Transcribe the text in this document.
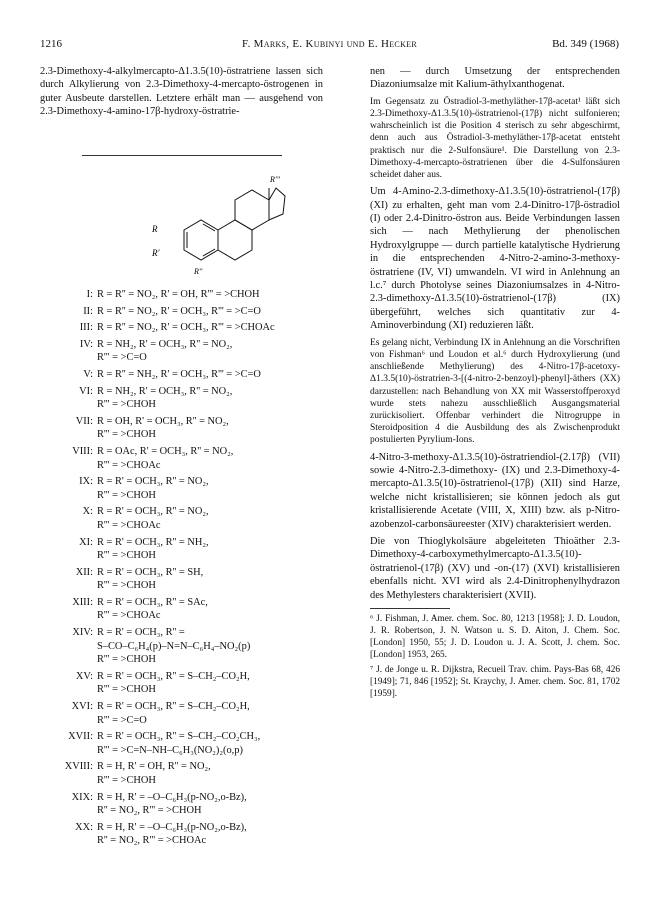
1216	F. Marks, E. Kubinyi und E. Hecker	Bd. 349 (1968)

2.3-Dimethoxy-4-alkylmercapto-Δ1.3.5(10)-östratriene lassen sich durch Alkylierung von 2.3-Dimethoxy-4-mercapto-östrogenen in guter Ausbeute darstellen. Letztere erhält man — ausgehend von 2.3-Dimethoxy-4-amino-17β-hydroxy-östratrie-

R
R'
R''
R'''
I: R = R'' = NO₂, R' = OH, R''' = >CHOH
II: R = R'' = NO₂, R' = OCH₃, R''' = >C=O
III: R = R'' = NO₂, R' = OCH₃, R''' = >CHOAc
IV: R = NH₂, R' = OCH₃, R'' = NO₂,
R''' = >C=O
V: R = R'' = NH₂, R' = OCH₃, R''' = >C=O
VI: R = NH₂, R' = OCH₃, R'' = NO₂,
R''' = >CHOH
VII: R = OH, R' = OCH₃, R'' = NO₂,
R''' = >CHOH
VIII: R = OAc, R' = OCH₃, R'' = NO₂,
R''' = >CHOAc
IX: R = R' = OCH₃, R'' = NO₂,
R''' = >CHOH
X: R = R' = OCH₃, R'' = NO₂,
R''' = >CHOAc
XI: R = R' = OCH₃, R'' = NH₂,
R''' = >CHOH
XII: R = R' = OCH₃, R'' = SH,
R''' = >CHOH
XIII: R = R' = OCH₃, R'' = SAc,
R''' = >CHOAc
XIV: R = R' = OCH₃, R'' =
S–CO–C₆H₄(p)–N=N–C₆H₄–NO₂(p)
R''' = >CHOH
XV: R = R' = OCH₃, R'' = S–CH₂–CO₂H,
R''' = >CHOH
XVI: R = R' = OCH₃, R'' = S–CH₂–CO₂H,
R''' = >C=O
XVII: R = R' = OCH₃, R'' = S–CH₂–CO₂CH₃,
R''' = >C=N–NH–C₆H₃(NO₂)₂(o,p)
XVIII: R = H, R' = OH, R'' = NO₂,
R''' = >CHOH
XIX: R = H, R' = –O–C₆H₃(p-NO₂,o-Bz),
R'' = NO₂, R''' = >CHOH
XX: R = H, R' = –O–C₆H₃(p-NO₂,o-Bz),
R'' = NO₂, R''' = >CHOAc

nen — durch Umsetzung der entsprechenden Diazoniumsalze mit Kalium-äthylxanthogenat.

Im Gegensatz zu Östradiol-3-methyläther-17β-acetat¹ läßt sich 2.3-Dimethoxy-Δ1.3.5(10)-östratrienol-(17β) nicht sulfonieren; wahrscheinlich ist die Position 4 sterisch zu sehr abgeschirmt, denn auch aus Östradiol-3-methyläther-17β-acetat entsteht praktisch nur die 2-Sulfonsäure¹. Die Darstellung von 2.3-Dimethoxy-4-mercapto-östratrienen über die 4-Sulfonsäuren scheidet daher aus.

Um 4-Amino-2.3-dimethoxy-Δ1.3.5(10)-östratrienol-(17β) (XI) zu erhalten, geht man vom 2.4-Dinitro-17β-östradiol (I) oder 2.4-Dinitro-östron aus. Beide Verbindungen lassen sich — nach Methylierung der phenolischen Hydroxylgruppe — durch partielle katalytische Hydrierung in die entsprechenden 4-Nitro-2-amino-3-methoxy-östratriene (IV, VI) umwandeln. VI wird in Anlehnung an l.c.⁷ durch Photolyse seines Diazoniumsalzes in 4-Nitro-2.3-dimethoxy-Δ1.3.5(10)-östratrienol-(17β) (IX) übergeführt, welches sich quantitativ zur 4-Aminoverbindung (XI) reduzieren läßt.

Es gelang nicht, Verbindung IX in Anlehnung an die Vorschriften von Fishman⁶ und Loudon et al.⁶ durch Hydroxylierung (und anschließende Methylierung) des 4-Nitro-17β-acetoxy-Δ1.3.5(10)-östratrien-3-[(4-nitro-2-benzoyl)-phenyl]-äthers (XX) darzustellen: nach Behandlung von XX mit Wasserstoffperoxyd wurde stets nahezu ausschließlich Ausgangsmaterial zurückisoliert. Offenbar verhindert die Nitrogruppe in Steroidposition 4 die Ausbildung des als Zwischenprodukt postulierten Pyrylium-Ions.

4-Nitro-3-methoxy-Δ1.3.5(10)-östratriendiol-(2.17β) (VII) sowie 4-Nitro-2.3-dimethoxy- (IX) und 2.3-Dimethoxy-4-mercapto-Δ1.3.5(10)-östratrienol-(17β) (XII) sind Harze, welche nicht kristallisieren; sie können jedoch als gut kristallisierende Acetate (VIII, X, XIII) bzw. als p-Nitro-azobenzol-carbonsäureester (XIV) charakterisiert werden.

Die von Thioglykolsäure abgeleiteten Thioäther 2.3-Dimethoxy-4-carboxymethylmercapto-Δ1.3.5(10)-östratrienol-(17β) (XV) und -on-(17) (XVI) kristallisieren ebenfalls nicht. XVI wird als 2.4-Dinitrophenylhydrazon des Methylesters charakterisiert (XVII).

⁶ J. Fishman, J. Amer. chem. Soc. 80, 1213 [1958]; J. D. Loudon, J. R. Robertson, J. N. Watson u. S. D. Aiton, J. Chem. Soc. [London] 1950, 55; J. D. Loudon u. J. A. Scott, J. chem. Soc. [London] 1953, 265.

⁷ J. de Jonge u. R. Dijkstra, Recueil Trav. chim. Pays-Bas 68, 426 [1949]; 71, 846 [1952]; St. Kraychy, J. Amer. chem. Soc. 81, 1702 [1959].
